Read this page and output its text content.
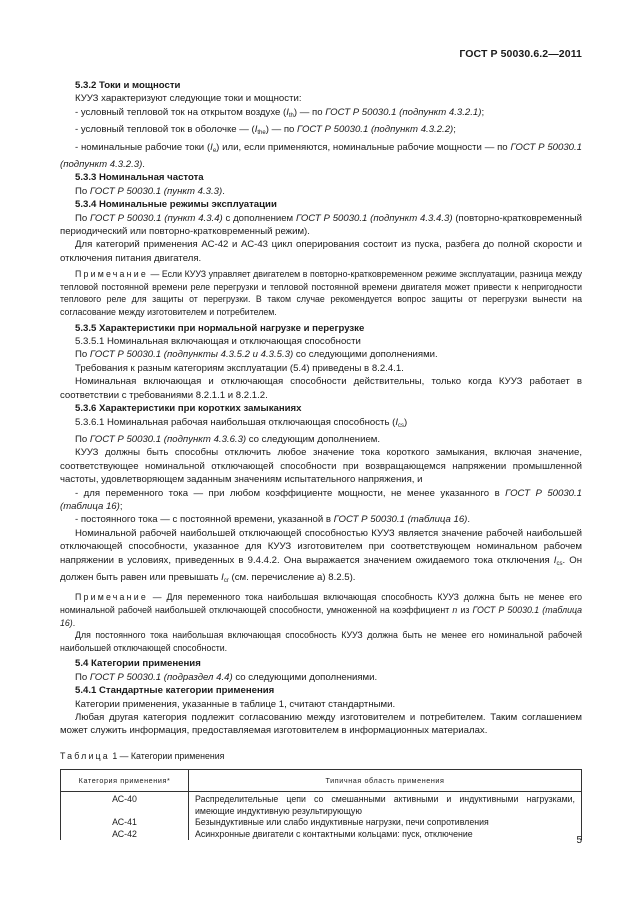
ГОСТ Р 50030.6.2—2011

5.3.2 Токи и мощности

КУУЗ характеризуют следующие токи и мощности:

- условный тепловой ток на открытом воздухе $(I_{th})$ — по ГОСТ Р 50030.1 (подпункт 4.3.2.1);

- условный тепловой ток в оболочке — $(I_{the})$ — по ГОСТ Р 50030.1 (подпункт 4.3.2.2);

- номинальные рабочие токи $(I_e)$ или, если применяются, номинальные рабочие мощности — по ГОСТ Р 50030.1 (подпункт 4.3.2.3).

5.3.3 Номинальная частота

По ГОСТ Р 50030.1 (пункт 4.3.3).

5.3.4 Номинальные режимы эксплуатации

По ГОСТ Р 50030.1 (пункт 4.3.4) с дополнением ГОСТ Р 50030.1 (подпункт 4.3.4.3) (повторно-кратковременный периодический или повторно-кратковременный режим).

Для категорий применения АС-42 и АС-43 цикл оперирования состоит из пуска, разбега до полной скорости и отключения питания двигателя.

Примечание — Если КУУЗ управляет двигателем в повторно-кратковременном режиме эксплуатации, разница между тепловой постоянной времени реле перегрузки и тепловой постоянной времени двигателя может привести к непригодности теплового реле для защиты от перегрузки. В таком случае рекомендуется вопрос защиты от перегрузки вынести на согласование между изготовителем и потребителем.

5.3.5 Характеристики при нормальной нагрузке и перегрузке

5.3.5.1 Номинальная включающая и отключающая способности

По ГОСТ Р 50030.1 (подпункты 4.3.5.2 и 4.3.5.3) со следующими дополнениями.

Требования к разным категориям эксплуатации (5.4) приведены в 8.2.4.1.

Номинальная включающая и отключающая способности действительны, только когда КУУЗ работает в соответствии с требованиями 8.2.1.1 и 8.2.1.2.

5.3.6 Характеристики при коротких замыканиях

5.3.6.1 Номинальная рабочая наибольшая отключающая способность $(I_{cs})$

По ГОСТ Р 50030.1 (подпункт 4.3.6.3) со следующим дополнением.

КУУЗ должны быть способны отключить любое значение тока короткого замыкания, включая значение, соответствующее номинальной отключающей способности при возвращающемся напряжении промышленной частоты, удовлетворяющем заданным значениям испытательного напряжения, и

- для переменного тока — при любом коэффициенте мощности, не менее указанного в ГОСТ Р 50030.1 (таблица 16);

- постоянного тока — с постоянной времени, указанной в ГОСТ Р 50030.1 (таблица 16).

Номинальной рабочей наибольшей отключающей способностью КУУЗ является значение рабочей наибольшей отключающей способности, указанное для КУУЗ изготовителем при соответствующем номинальном рабочем напряжении в условиях, приведенных в 9.4.4.2. Она выражается значением ожидаемого тока отключения $I_{cs}$. Он должен быть равен или превышать $I_{cr}$ (см. перечисление а) 8.2.5).

Примечание — Для переменного тока наибольшая включающая способность КУУЗ должна быть не менее его номинальной рабочей наибольшей отключающей способности, умноженной на коэффициент n из ГОСТ Р 50030.1 (таблица 16).

Для постоянного тока наибольшая включающая способность КУУЗ должна быть не менее его номинальной рабочей наибольшей отключающей способности.

5.4 Категории применения

По ГОСТ Р 50030.1 (подраздел 4.4) со следующими дополнениями.

5.4.1 Стандартные категории применения

Категории применения, указанные в таблице 1, считают стандартными.

Любая другая категория подлежит согласованию между изготовителем и потребителем. Таким соглашением может служить информация, предоставляемая изготовителем в информационных материалах.

Таблица 1 — Категории применения

Категория применения*	Типичная область применения
АС-40	Распределительные цепи со смешанными активными и индуктивными нагрузками, имеющие индуктивную результирующую
АС-41	Безындуктивные или слабо индуктивные нагрузки, печи сопротивления
АС-42	Асинхронные двигатели с контактными кольцами: пуск, отключение
5
